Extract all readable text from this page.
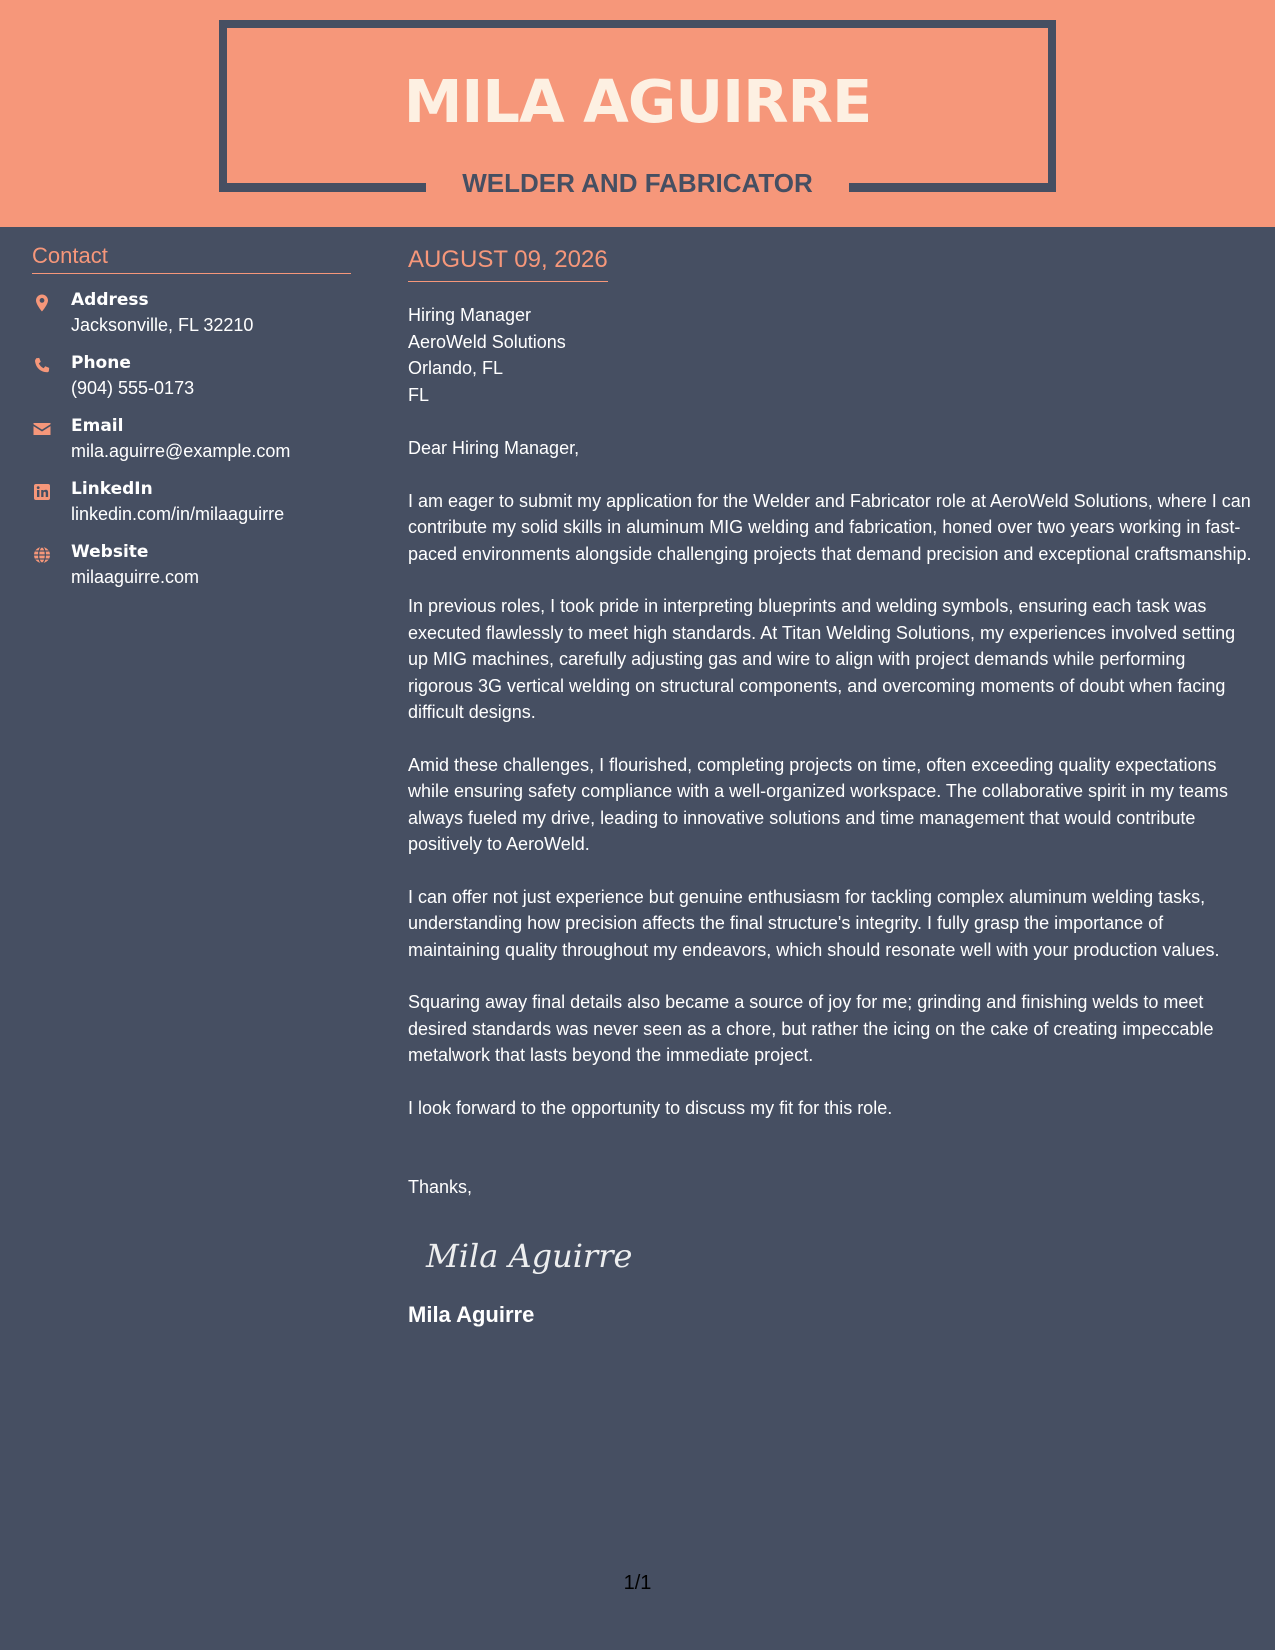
MILA AGUIRRE
WELDER AND FABRICATOR
Contact
Address
Jacksonville, FL 32210
Phone
(904) 555-0173
Email
mila.aguirre@example.com
LinkedIn
linkedin.com/in/milaaguirre
Website
milaaguirre.com
AUGUST 09, 2026
Hiring Manager
AeroWeld Solutions
Orlando, FL
FL
Dear Hiring Manager,
I am eager to submit my application for the Welder and Fabricator role at AeroWeld Solutions, where I can contribute my solid skills in aluminum MIG welding and fabrication, honed over two years working in fast-paced environments alongside challenging projects that demand precision and exceptional craftsmanship.
In previous roles, I took pride in interpreting blueprints and welding symbols, ensuring each task was executed flawlessly to meet high standards. At Titan Welding Solutions, my experiences involved setting up MIG machines, carefully adjusting gas and wire to align with project demands while performing rigorous 3G vertical welding on structural components, and overcoming moments of doubt when facing difficult designs.
Amid these challenges, I flourished, completing projects on time, often exceeding quality expectations while ensuring safety compliance with a well-organized workspace. The collaborative spirit in my teams always fueled my drive, leading to innovative solutions and time management that would contribute positively to AeroWeld.
I can offer not just experience but genuine enthusiasm for tackling complex aluminum welding tasks, understanding how precision affects the final structure's integrity. I fully grasp the importance of maintaining quality throughout my endeavors, which should resonate well with your production values.
Squaring away final details also became a source of joy for me; grinding and finishing welds to meet desired standards was never seen as a chore, but rather the icing on the cake of creating impeccable metalwork that lasts beyond the immediate project.
I look forward to the opportunity to discuss my fit for this role.
Thanks,
Mila Aguirre
Mila Aguirre
1/1
